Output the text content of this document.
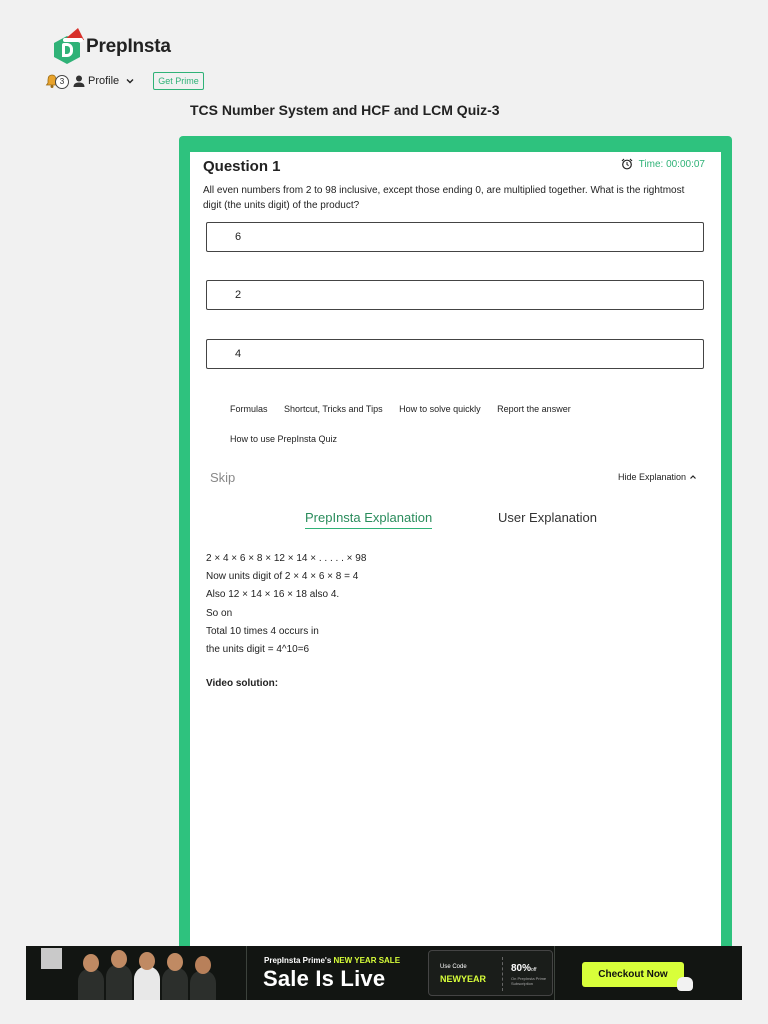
PrepInsta
3	Profile	Get Prime
TCS Number System and HCF and LCM Quiz-3
Question 1	Time: 00:00:07
All even numbers from 2 to 98 inclusive, except those ending 0, are multiplied together. What is the rightmost digit (the units digit) of the product?
6
2
4
Formulas Shortcut, Tricks and Tips How to solve quickly Report the answer
How to use PrepInsta Quiz
Skip	Hide Explanation
PrepInsta Explanation	User Explanation
2 × 4 × 6 × 8 × 12 × 14 × . . . . . × 98
Now units digit of 2 × 4 × 6 × 8 = 4
Also 12 × 14 × 16 × 18 also 4.
So on
Total 10 times 4 occurs in
the units digit = 4^10=6
Video solution:
PrepInsta Prime's NEW YEAR SALE
Sale Is Live	Use Code
NEWYEAR
80%off
On PrepInsta Prime Subscription
Checkout Now
